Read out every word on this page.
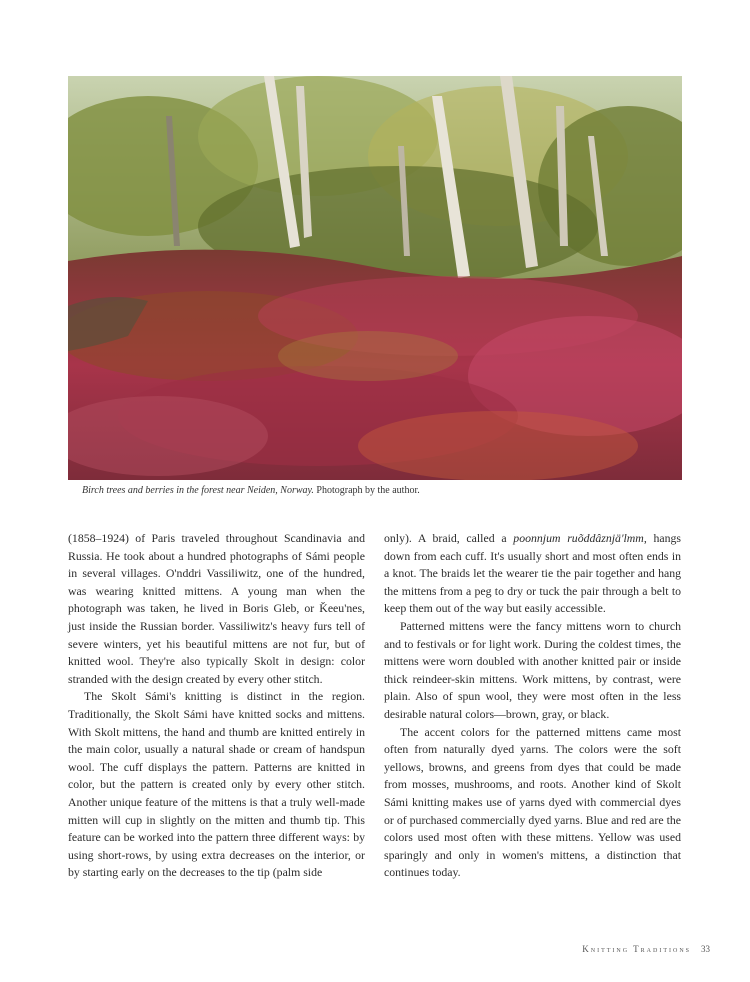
Birch trees and berries in the forest near Neiden, Norway. Photograph by the author.

(1858–1924) of Paris traveled throughout Scandinavia and Russia. He took about a hundred photographs of Sámi people in several villages. O'nddri Vassiliwitz, one of the hundred, was wearing knitted mittens. A young man when the photograph was taken, he lived in Boris Gleb, or Ǩeeu'nes, just inside the Russian border. Vassiliwitz's heavy furs tell of severe winters, yet his beautiful mittens are not fur, but of knitted wool. They're also typically Skolt in design: color stranded with the design created by every other stitch.

The Skolt Sámi's knitting is distinct in the region. Traditionally, the Skolt Sámi have knitted socks and mittens. With Skolt mittens, the hand and thumb are knitted entirely in the main color, usually a natural shade or cream of handspun wool. The cuff displays the pattern. Patterns are knitted in color, but the pattern is created only by every other stitch. Another unique feature of the mittens is that a truly well-made mitten will cup in slightly on the mitten and thumb tip. This feature can be worked into the pattern three different ways: by using short-rows, by using extra decreases on the interior, or by starting early on the decreases to the tip (palm side

only). A braid, called a poonnjum ruõddâznjä'lmm, hangs down from each cuff. It's usually short and most often ends in a knot. The braids let the wearer tie the pair together and hang the mittens from a peg to dry or tuck the pair through a belt to keep them out of the way but easily accessible.

Patterned mittens were the fancy mittens worn to church and to festivals or for light work. During the coldest times, the mittens were worn doubled with another knitted pair or inside thick reindeer-skin mittens. Work mittens, by contrast, were plain. Also of spun wool, they were most often in the less desirable natural colors—brown, gray, or black.

The accent colors for the patterned mittens came most often from naturally dyed yarns. The colors were the soft yellows, browns, and greens from dyes that could be made from mosses, mushrooms, and roots. Another kind of Skolt Sámi knitting makes use of yarns dyed with commercial dyes or of purchased commercially dyed yarns. Blue and red are the colors used most often with these mittens. Yellow was used sparingly and only in women's mittens, a distinction that continues today.

Knitting Traditions 33
